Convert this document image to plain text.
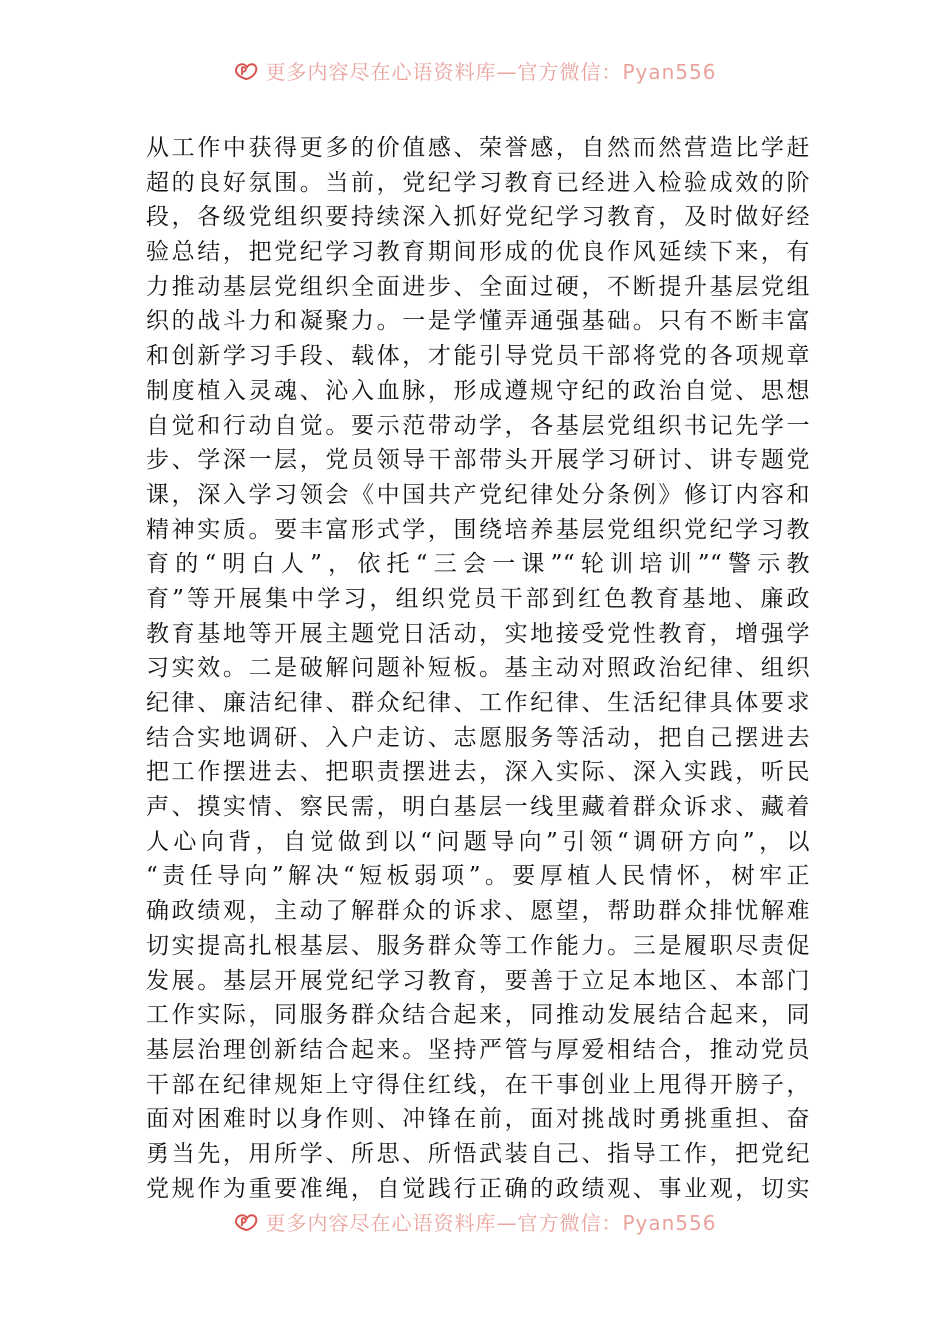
更多内容尽在心语资料库—官方微信：Pyan556
从工作中获得更多的价值感、荣誉感，自然而然营造比学赶
超的良好氛围。当前，党纪学习教育已经进入检验成效的阶
段，各级党组织要持续深入抓好党纪学习教育，及时做好经
验总结，把党纪学习教育期间形成的优良作风延续下来，有
力推动基层党组织全面进步、全面过硬，不断提升基层党组
织的战斗力和凝聚力。一是学懂弄通强基础。只有不断丰富
和创新学习手段、载体，才能引导党员干部将党的各项规章
制度植入灵魂、沁入血脉，形成遵规守纪的政治自觉、思想
自觉和行动自觉。要示范带动学，各基层党组织书记先学一
步、学深一层，党员领导干部带头开展学习研讨、讲专题党
课，深入学习领会《中国共产党纪律处分条例》修订内容和
精神实质。要丰富形式学，围绕培养基层党组织党纪学习教
育的“明白人”，依托“三会一课”“轮训培训”“警示教
育”等开展集中学习，组织党员干部到红色教育基地、廉政
教育基地等开展主题党日活动，实地接受党性教育，增强学
习实效。二是破解问题补短板。基主动对照政治纪律、组织
纪律、廉洁纪律、群众纪律、工作纪律、生活纪律具体要求
结合实地调研、入户走访、志愿服务等活动，把自己摆进去
把工作摆进去、把职责摆进去，深入实际、深入实践，听民
声、摸实情、察民需，明白基层一线里藏着群众诉求、藏着
人心向背，自觉做到以“问题导向”引领“调研方向”，以
“责任导向”解决“短板弱项”。要厚植人民情怀，树牢正
确政绩观，主动了解群众的诉求、愿望，帮助群众排忧解难
切实提高扎根基层、服务群众等工作能力。三是履职尽责促
发展。基层开展党纪学习教育，要善于立足本地区、本部门
工作实际，同服务群众结合起来，同推动发展结合起来，同
基层治理创新结合起来。坚持严管与厚爱相结合，推动党员
干部在纪律规矩上守得住红线，在干事创业上甩得开膀子，
面对困难时以身作则、冲锋在前，面对挑战时勇挑重担、奋
勇当先，用所学、所思、所悟武装自己、指导工作，把党纪
党规作为重要准绳，自觉践行正确的政绩观、事业观，切实
更多内容尽在心语资料库—官方微信：Pyan556
